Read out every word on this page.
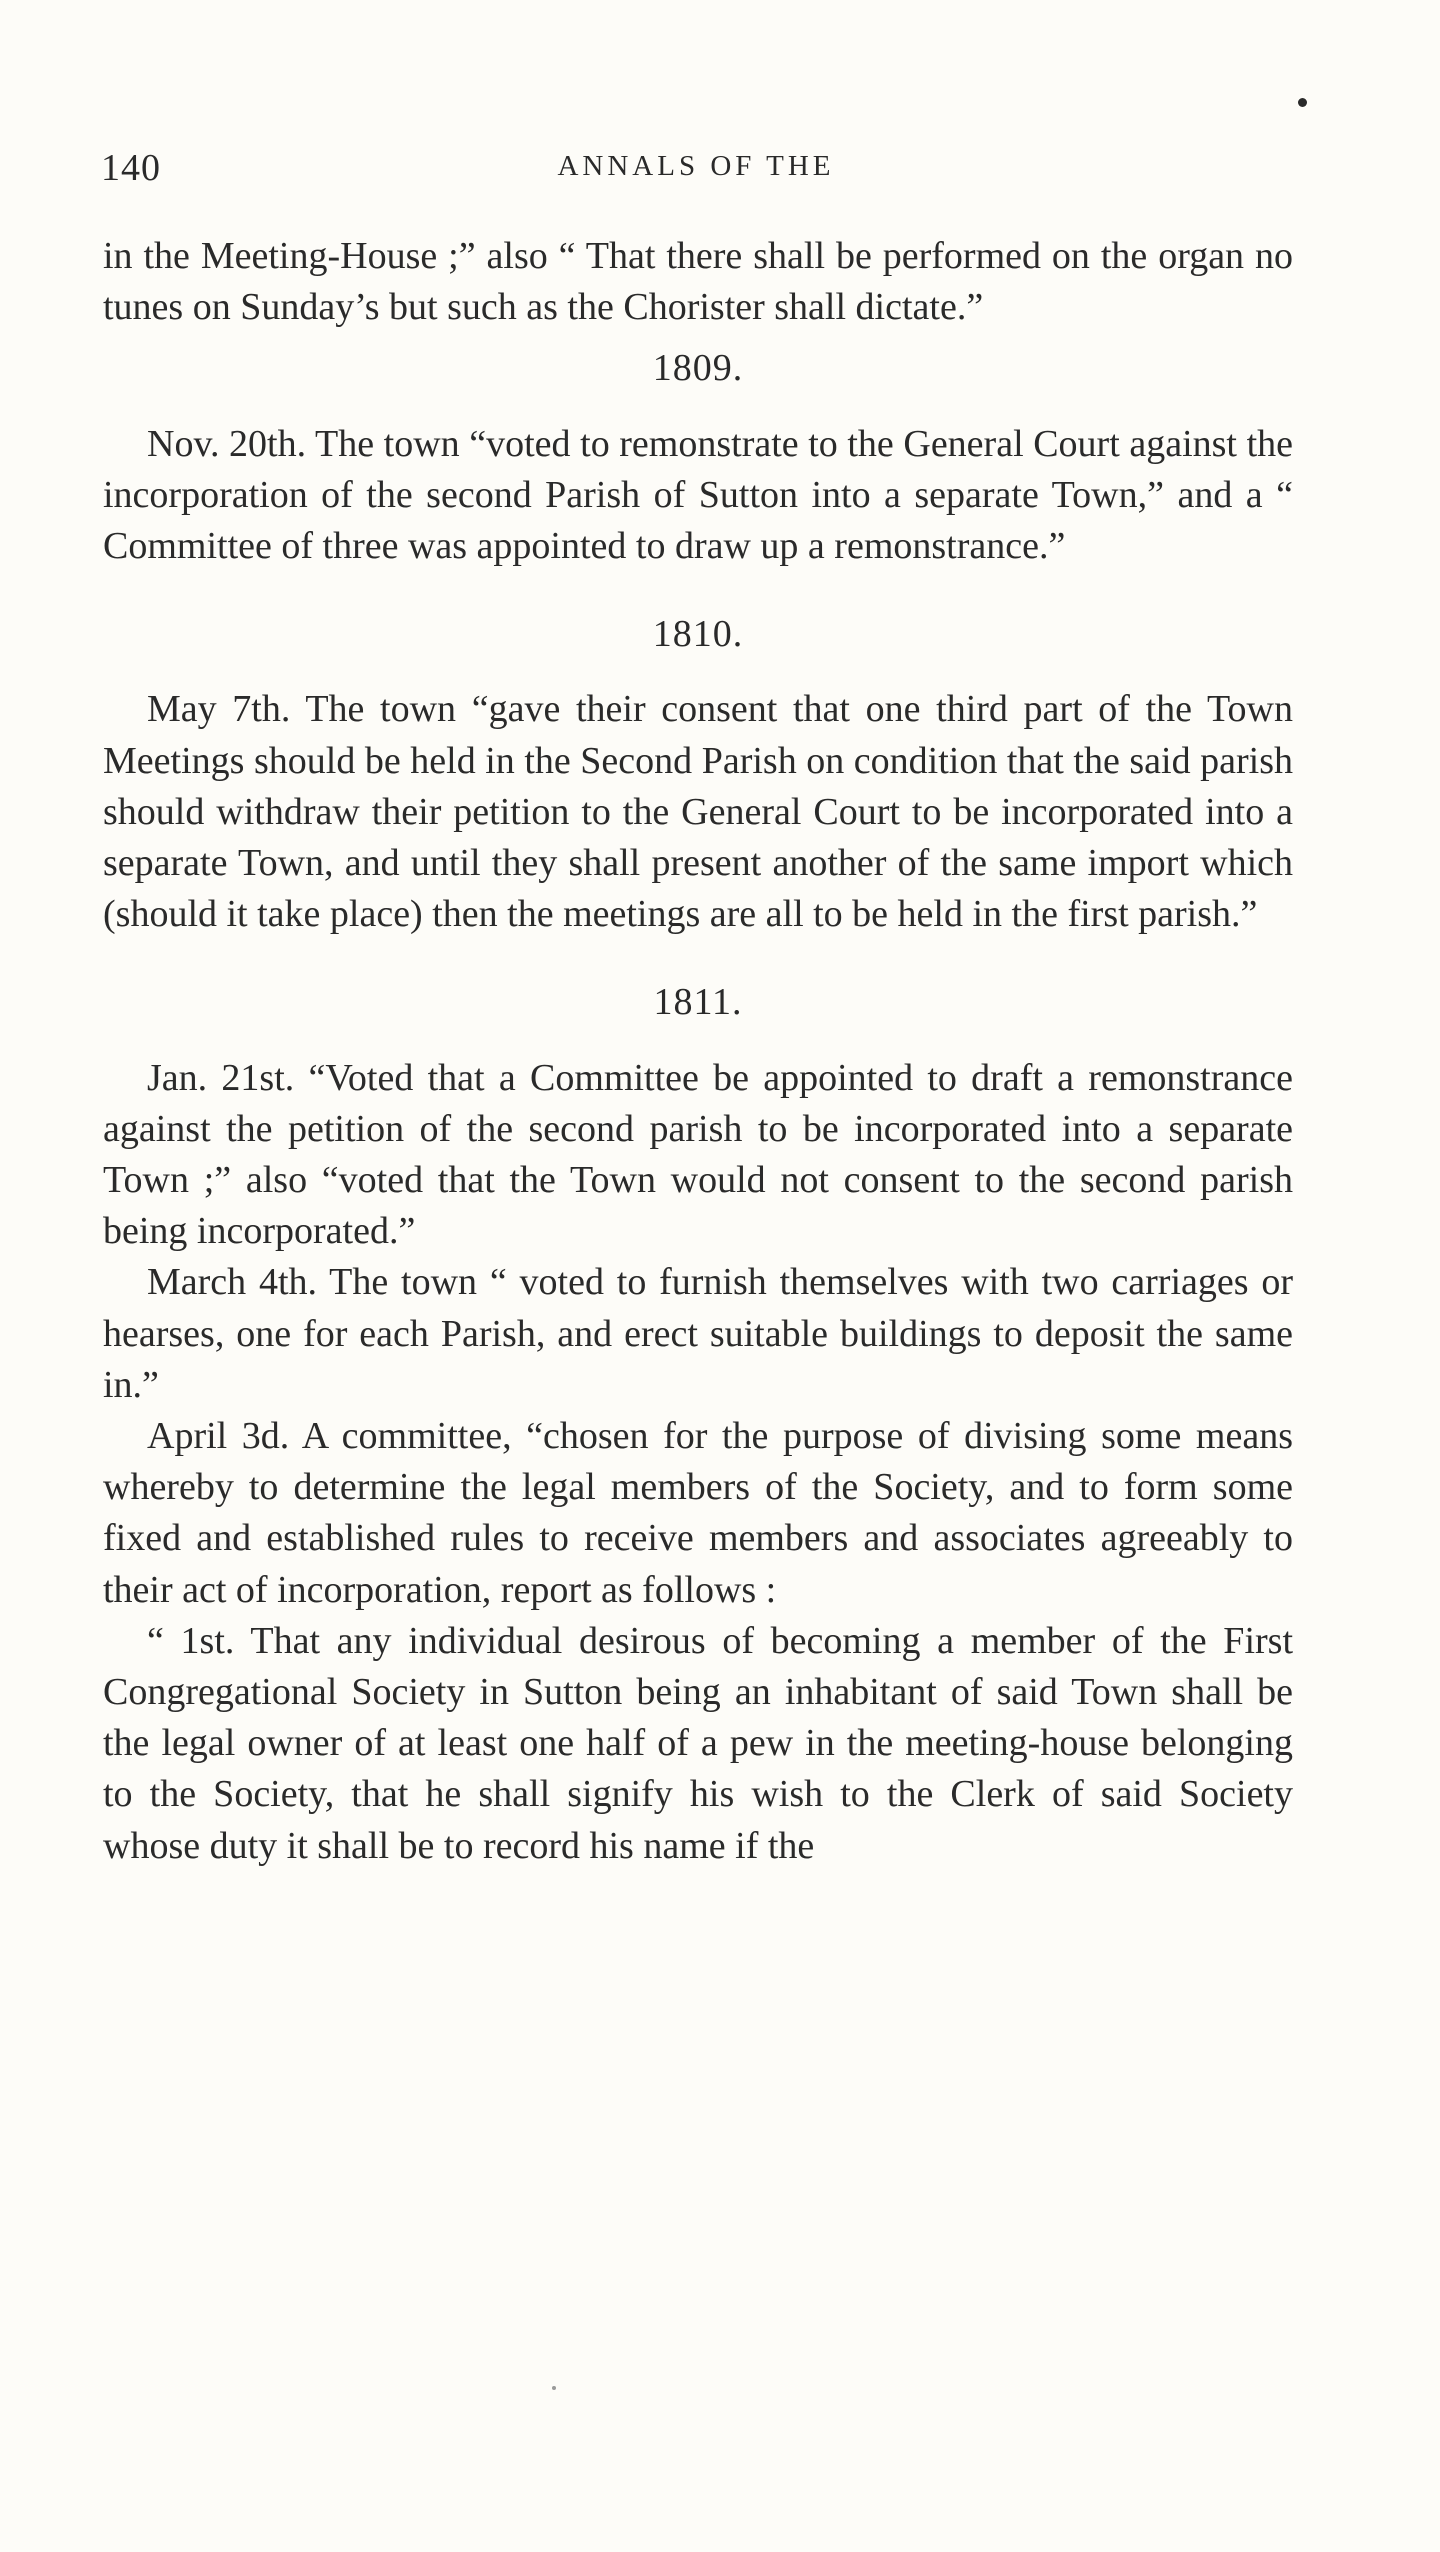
140	ANNALS OF THE

in the Meeting-House ;” also “ That there shall be performed on the organ no tunes on Sunday’s but such as the Chorister shall dictate.”

1809.

Nov. 20th. The town “voted to remonstrate to the General Court against the incorporation of the second Parish of Sutton into a separate Town,” and a “ Committee of three was appointed to draw up a remonstrance.”

1810.

May 7th. The town “gave their consent that one third part of the Town Meetings should be held in the Second Parish on condition that the said parish should withdraw their petition to the General Court to be incorporated into a separate Town, and until they shall present another of the same import which (should it take place) then the meetings are all to be held in the first parish.”

1811.

Jan. 21st. “Voted that a Committee be appointed to draft a remonstrance against the petition of the second parish to be incorporated into a separate Town ;” also “voted that the Town would not consent to the second parish being incorporated.”

March 4th. The town “ voted to furnish themselves with two carriages or hearses, one for each Parish, and erect suitable buildings to deposit the same in.”

April 3d. A committee, “chosen for the purpose of divising some means whereby to determine the legal members of the Society, and to form some fixed and established rules to receive members and associates agreeably to their act of incorporation, report as follows :

“ 1st. That any individual desirous of becoming a member of the First Congregational Society in Sutton being an inhabitant of said Town shall be the legal owner of at least one half of a pew in the meeting-house belonging to the Society, that he shall signify his wish to the Clerk of said Society whose duty it shall be to record his name if the
